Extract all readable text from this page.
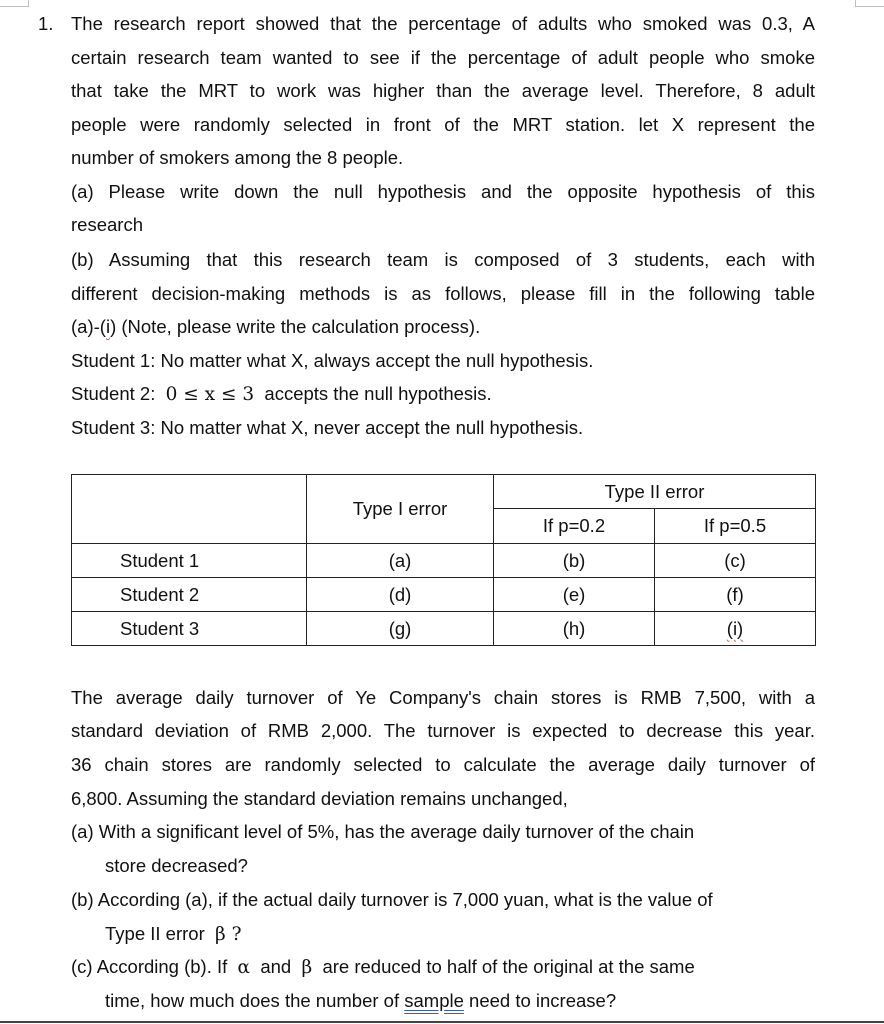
1. The research report showed that the percentage of adults who smoked was 0.3, A
certain research team wanted to see if the percentage of adult people who smoke
that take the MRT to work was higher than the average level. Therefore, 8 adult
people were randomly selected in front of the MRT station. let X represent the
number of smokers among the 8 people.
(a) Please write down the null hypothesis and the opposite hypothesis of this
research
(b) Assuming that this research team is composed of 3 students, each with
different decision-making methods is as follows, please fill in the following table
(a)-(i) (Note, please write the calculation process).
Student 1: No matter what X, always accept the null hypothesis.
Student 2: 0 ≤ x ≤ 3 accepts the null hypothesis.
Student 3: No matter what X, never accept the null hypothesis.
	Type I error	Type II error	
		If p=0.2	If p=0.5
Student 1	(a)	(b)	(c)
Student 2	(d)	(e)	(f)
Student 3	(g)	(h)	(i)
The average daily turnover of Ye Company's chain stores is RMB 7,500, with a
standard deviation of RMB 2,000. The turnover is expected to decrease this year.
36 chain stores are randomly selected to calculate the average daily turnover of
6,800. Assuming the standard deviation remains unchanged,
(a) With a significant level of 5%, has the average daily turnover of the chain
store decreased?
(b) According (a), if the actual daily turnover is 7,000 yuan, what is the value of
Type II error β ?
(c) According (b). If α and β are reduced to half of the original at the same
time, how much does the number of sample need to increase?
